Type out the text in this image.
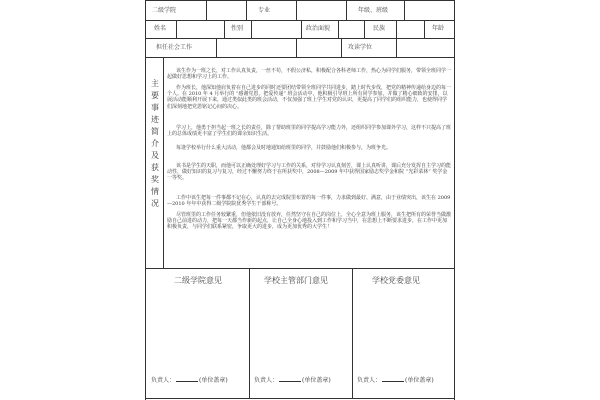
二级学院	专业	年级、班级
姓名	性别	政治面貌	民族	年龄
担任社会工作	攻读学位
主
要
事
迹
简
介
及
获
奖
情
况
该生作为一班之长，对工作认真负责，一丝不苟，不假公济私，积极配合各科老师工作，热心为同学们服务，带领全班同学一起做好思想和学习上的工作。
作为班长，他深知他肩负着在自己进步的同时还要团结带领全班同学共同进步，踏上时代步伐，把党的精神传递给身边的每一个人。在 2010 年 4 月举行的 “感谢党恩，把爱传递” 班会活动中，他积极引导班上所有同学参加，并做了精心细致的安排，以展活动能顺利开展下来，通过类似此类的班会活动，不仅加强了班上学生对党的认识，更提高了同学们的组织能力，也使得同学们深刻地把党恩铭记心间的决心。
学习上，他勇于担当起一班之长的责任，除了帮助班里的同学提高学习能力外，还组织同学参加课外学习，这样不只提高了班上的总体成绩更丰富了学生们的课余知识生活。
每逢学校举行什么重大活动，他都会及时地通知给班里的同学，并鼓励他们积极参与，为班争光。
该书是学生的天职，而他可以正确处理好学习与工作的关系，对待学习认真刻苦，课上认真听讲，课后充分发挥自主学习的能动性，做好知识的复习与复习，经过不懈努力终于在所获奖中，2008—2009 年中获得国家励志奖学金和院 “光彩菜林” 奖学金一等奖。
工作中该生把每一件事都不记在心，认真的去完成院里布置的每一件事，力求做到最好、满意，由于业绩突出，该生在 2009—2010 年年中获得二级学院院优秀学生干部称号。
尽管班里的工作任务较繁重，但他依旧没有放弃，任然坚守在自己的岗位上，全心全意为班上服务，该生把所有的荣誉当做激励自己前进的动力，把每一天都当作新的起点，让自己全身心地投入到工作和学习当中，在思想上不断要求进步，在工作中更加积极负责，与同学们联系紧密，争取更大的进步，成为更加优秀的大学生！
二级学院意见	学校主管部门意见	学校党委意见
负责人：	(单位盖章)	负责人：	(单位盖章)	负责人：	(单位盖章)
